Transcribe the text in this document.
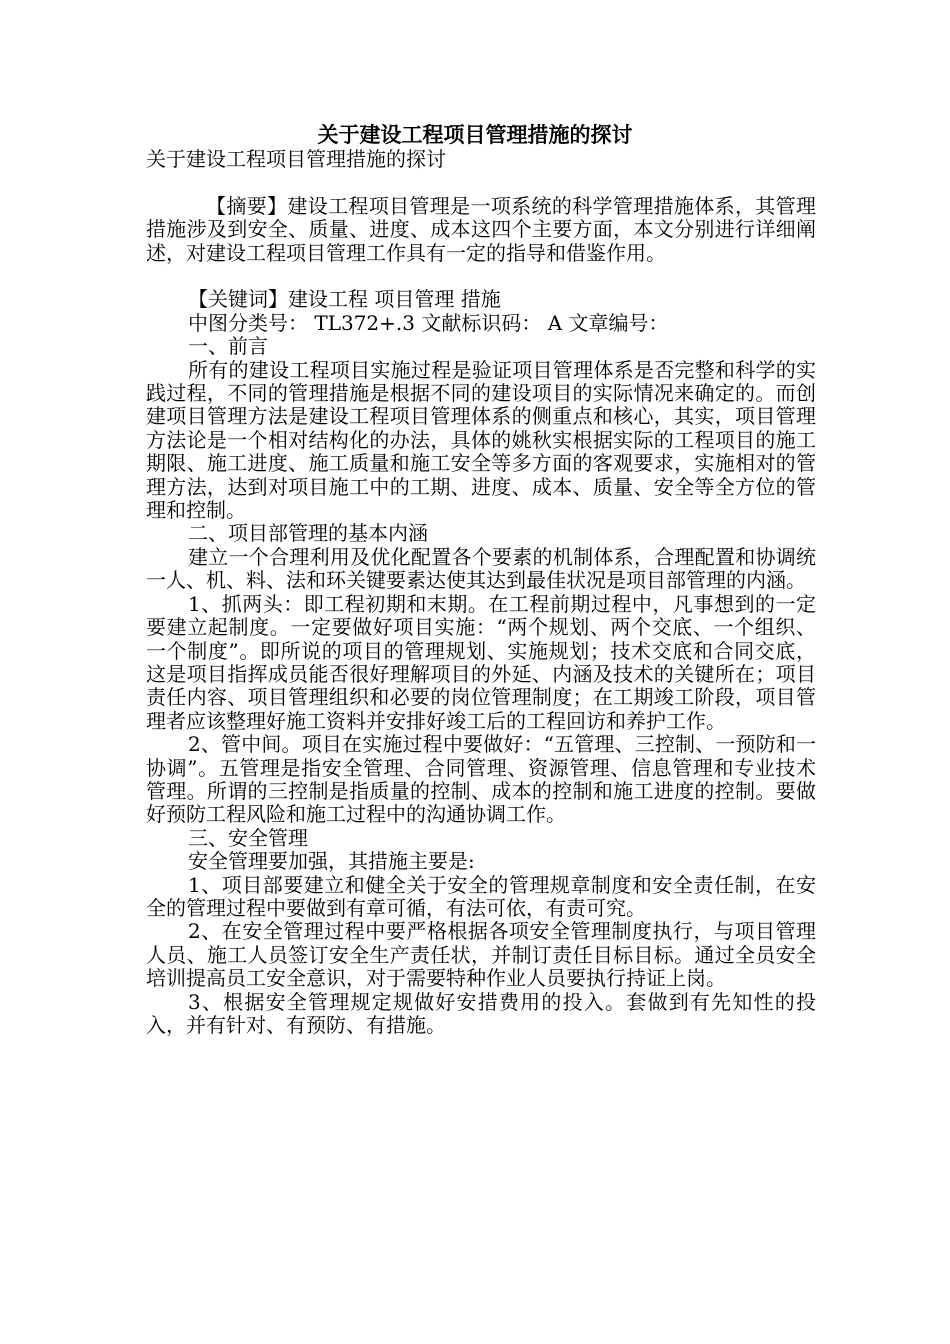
关于建设工程项目管理措施的探讨

关于建设工程项目管理措施的探讨

【摘要】建设工程项目管理是一项系统的科学管理措施体系，其管理措施涉及到安全、质量、进度、成本这四个主要方面，本文分别进行详细阐述，对建设工程项目管理工作具有一定的指导和借鉴作用。

【关键词】建设工程 项目管理 措施

中图分类号： TL372+.3 文献标识码： A 文章编号：

一、前言

所有的建设工程项目实施过程是验证项目管理体系是否完整和科学的实践过程，不同的管理措施是根据不同的建设项目的实际情况来确定的。而创建项目管理方法是建设工程项目管理体系的侧重点和核心，其实，项目管理方法论是一个相对结构化的办法，具体的姚秋实根据实际的工程项目的施工期限、施工进度、施工质量和施工安全等多方面的客观要求，实施相对的管理方法，达到对项目施工中的工期、进度、成本、质量、安全等全方位的管理和控制。

二、项目部管理的基本内涵

建立一个合理利用及优化配置各个要素的机制体系，合理配置和协调统一人、机、料、法和环关键要素达使其达到最佳状况是项目部管理的内涵。

1、抓两头：即工程初期和末期。在工程前期过程中，凡事想到的一定要建立起制度。一定要做好项目实施：“两个规划、两个交底、一个组织、一个制度”。即所说的项目的管理规划、实施规划；技术交底和合同交底，这是项目指挥成员能否很好理解项目的外延、内涵及技术的关键所在；项目责任内容、项目管理组织和必要的岗位管理制度；在工期竣工阶段，项目管理者应该整理好施工资料并安排好竣工后的工程回访和养护工作。

2、管中间。项目在实施过程中要做好：“五管理、三控制、一预防和一协调”。五管理是指安全管理、合同管理、资源管理、信息管理和专业技术管理。所谓的三控制是指质量的控制、成本的控制和施工进度的控制。要做好预防工程风险和施工过程中的沟通协调工作。

三、安全管理

安全管理要加强，其措施主要是:

1、项目部要建立和健全关于安全的管理规章制度和安全责任制，在安全的管理过程中要做到有章可循，有法可依，有责可究。

2、在安全管理过程中要严格根据各项安全管理制度执行，与项目管理人员、施工人员签订安全生产责任状，并制订责任目标目标。通过全员安全培训提高员工安全意识，对于需要特种作业人员要执行持证上岗。

3、根据安全管理规定规做好安措费用的投入。套做到有先知性的投入，并有针对、有预防、有措施。
